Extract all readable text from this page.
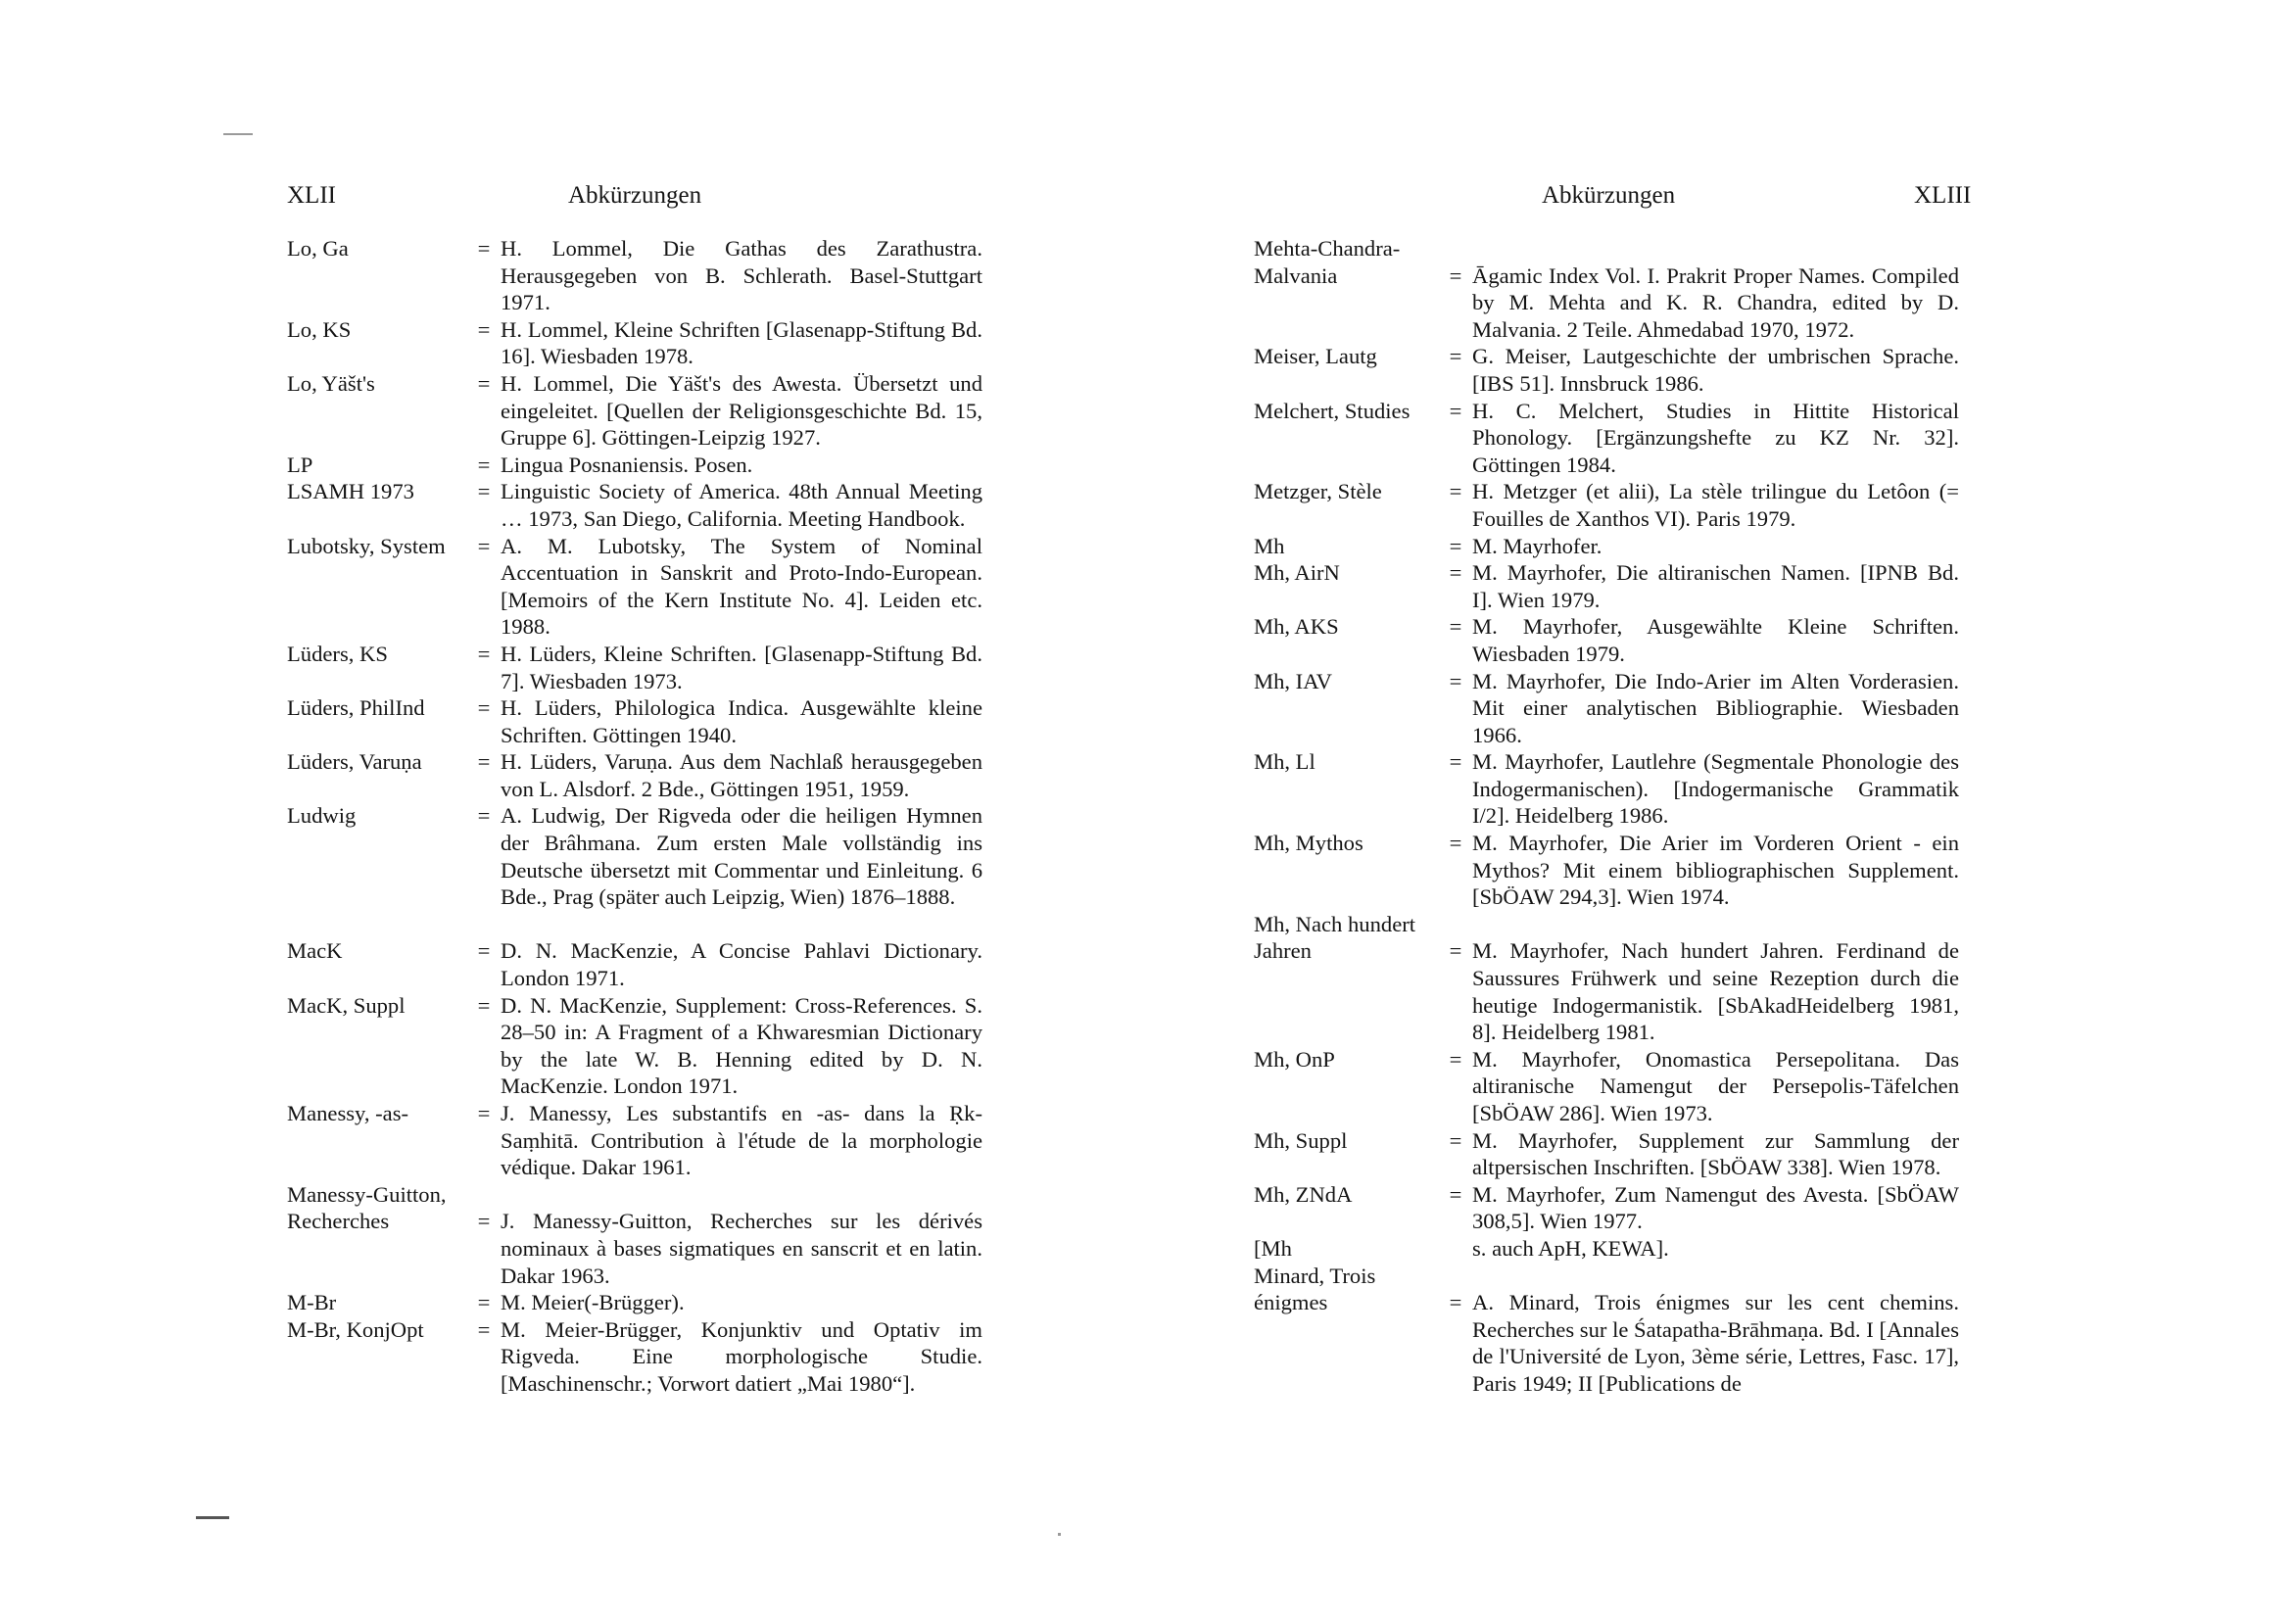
XLII	Abkürzungen
Lo, Ga	= H. Lommel, Die Gathas des Zarathustra. Herausgegeben von B. Schlerath. Basel-Stuttgart 1971.
Lo, KS	= H. Lommel, Kleine Schriften [Glasenapp-Stiftung Bd. 16]. Wiesbaden 1978.
Lo, Yäšt's	= H. Lommel, Die Yäšt's des Awesta. Übersetzt und eingeleitet. [Quellen der Religionsgeschichte Bd. 15, Gruppe 6]. Göttingen-Leipzig 1927.
LP	= Lingua Posnaniensis. Posen.
LSAMH 1973	= Linguistic Society of America. 48th Annual Meeting … 1973, San Diego, California. Meeting Handbook.
Lubotsky, System	= A. M. Lubotsky, The System of Nominal Accentuation in Sanskrit and Proto-Indo-European. [Memoirs of the Kern Institute No. 4]. Leiden etc. 1988.
Lüders, KS	= H. Lüders, Kleine Schriften. [Glasenapp-Stiftung Bd. 7]. Wiesbaden 1973.
Lüders, PhilInd	= H. Lüders, Philologica Indica. Ausgewählte kleine Schriften. Göttingen 1940.
Lüders, Varuṇa	= H. Lüders, Varuṇa. Aus dem Nachlaß herausgegeben von L. Alsdorf. 2 Bde., Göttingen 1951, 1959.
Ludwig	= A. Ludwig, Der Rigveda oder die heiligen Hymnen der Brâhmana. Zum ersten Male vollständig ins Deutsche übersetzt mit Commentar und Einleitung. 6 Bde., Prag (später auch Leipzig, Wien) 1876–1888.
MacK	= D. N. MacKenzie, A Concise Pahlavi Dictionary. London 1971.
MacK, Suppl	= D. N. MacKenzie, Supplement: Cross-References. S. 28–50 in: A Fragment of a Khwaresmian Dictionary by the late W. B. Henning edited by D. N. MacKenzie. London 1971.
Manessy, -as-	= J. Manessy, Les substantifs en -as- dans la Ṛk-Saṃhitā. Contribution à l'étude de la morphologie védique. Dakar 1961.
Manessy-Guitton,
Recherches	= J. Manessy-Guitton, Recherches sur les dérivés nominaux à bases sigmatiques en sanscrit et en latin. Dakar 1963.
M-Br	= M. Meier(-Brügger).
M-Br, KonjOpt	= M. Meier-Brügger, Konjunktiv und Optativ im Rigveda. Eine morphologische Studie. [Maschinenschr.; Vorwort datiert „Mai 1980“].
Abkürzungen	XLIII
Mehta-Chandra-
Malvania	= Āgamic Index Vol. I. Prakrit Proper Names. Compiled by M. Mehta and K. R. Chandra, edited by D. Malvania. 2 Teile. Ahmedabad 1970, 1972.
Meiser, Lautg	= G. Meiser, Lautgeschichte der umbrischen Sprache. [IBS 51]. Innsbruck 1986.
Melchert, Studies	= H. C. Melchert, Studies in Hittite Historical Phonology. [Ergänzungshefte zu KZ Nr. 32]. Göttingen 1984.
Metzger, Stèle	= H. Metzger (et alii), La stèle trilingue du Letôon (= Fouilles de Xanthos VI). Paris 1979.
Mh	= M. Mayrhofer.
Mh, AirN	= M. Mayrhofer, Die altiranischen Namen. [IPNB Bd. I]. Wien 1979.
Mh, AKS	= M. Mayrhofer, Ausgewählte Kleine Schriften. Wiesbaden 1979.
Mh, IAV	= M. Mayrhofer, Die Indo-Arier im Alten Vorderasien. Mit einer analytischen Bibliographie. Wiesbaden 1966.
Mh, Ll	= M. Mayrhofer, Lautlehre (Segmentale Phonologie des Indogermanischen). [Indogermanische Grammatik I/2]. Heidelberg 1986.
Mh, Mythos	= M. Mayrhofer, Die Arier im Vorderen Orient - ein Mythos? Mit einem bibliographischen Supplement. [SbÖAW 294,3]. Wien 1974.
Mh, Nach hundert
Jahren	= M. Mayrhofer, Nach hundert Jahren. Ferdinand de Saussures Frühwerk und seine Rezeption durch die heutige Indogermanistik. [SbAkadHeidelberg 1981, 8]. Heidelberg 1981.
Mh, OnP	= M. Mayrhofer, Onomastica Persepolitana. Das altiranische Namengut der Persepolis-Täfelchen [SbÖAW 286]. Wien 1973.
Mh, Suppl	= M. Mayrhofer, Supplement zur Sammlung der altpersischen Inschriften. [SbÖAW 338]. Wien 1978.
Mh, ZNdA	= M. Mayrhofer, Zum Namengut des Avesta. [SbÖAW 308,5]. Wien 1977.
[Mh	s. auch ApH, KEWA].
Minard, Trois
énigmes	= A. Minard, Trois énigmes sur les cent chemins. Recherches sur le Śatapatha-Brāhmaṇa. Bd. I [Annales de l'Université de Lyon, 3ème série, Lettres, Fasc. 17], Paris 1949; II [Publications de
